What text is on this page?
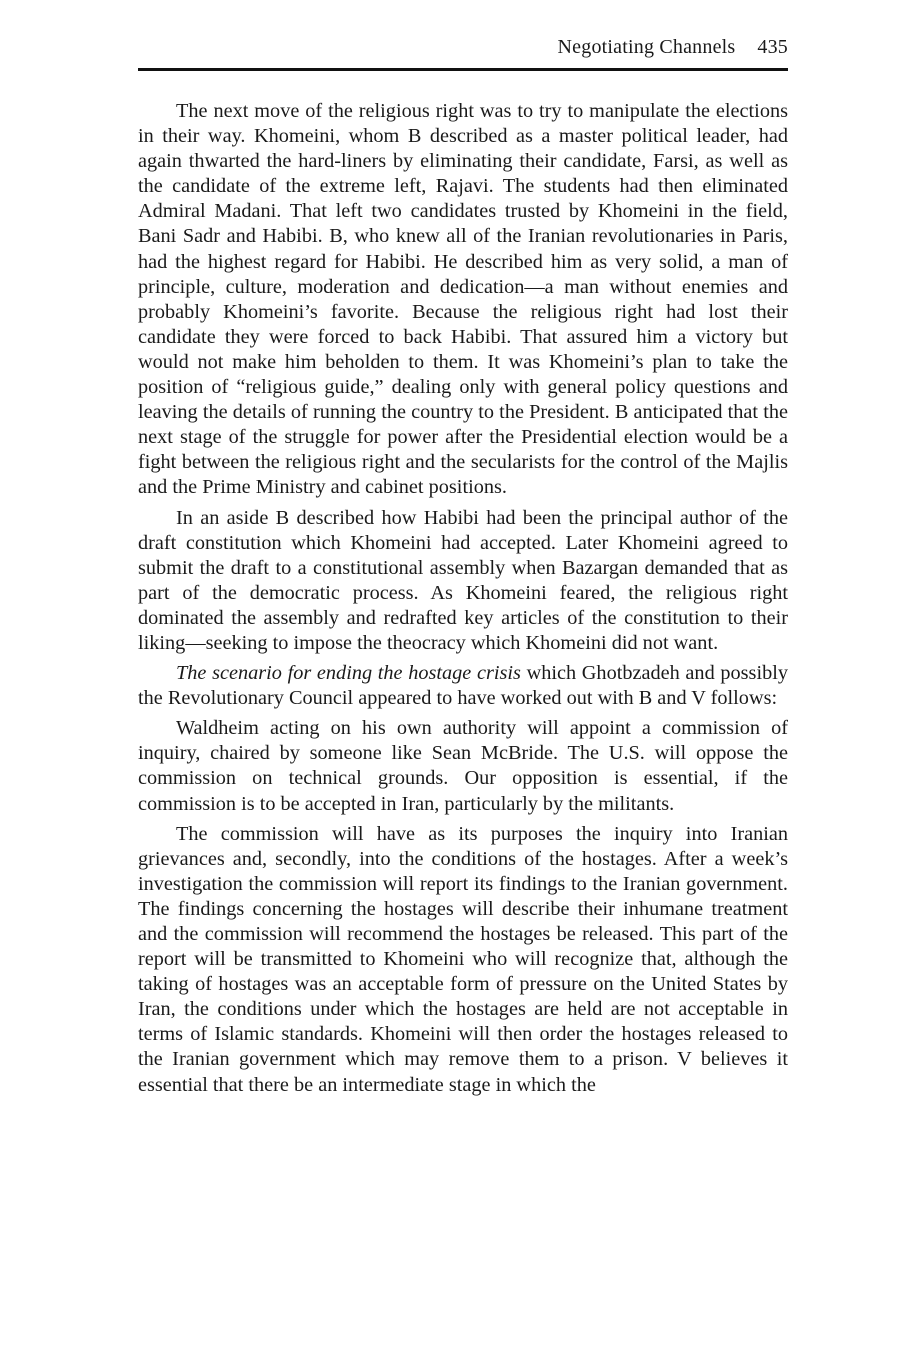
Negotiating Channels 435

The next move of the religious right was to try to manipulate the elections in their way. Khomeini, whom B described as a master political leader, had again thwarted the hard-liners by eliminating their candidate, Farsi, as well as the candidate of the extreme left, Rajavi. The students had then eliminated Admiral Madani. That left two candidates trusted by Khomeini in the field, Bani Sadr and Habibi. B, who knew all of the Iranian revolutionaries in Paris, had the highest regard for Habibi. He described him as very solid, a man of principle, culture, moderation and dedication—a man without enemies and probably Khomeini’s favorite. Because the religious right had lost their candidate they were forced to back Habibi. That assured him a victory but would not make him beholden to them. It was Khomeini’s plan to take the position of “religious guide,” dealing only with general policy questions and leaving the details of running the country to the President. B anticipated that the next stage of the struggle for power after the Presidential election would be a fight between the religious right and the secularists for the control of the Majlis and the Prime Ministry and cabinet positions.

In an aside B described how Habibi had been the principal author of the draft constitution which Khomeini had accepted. Later Khomeini agreed to submit the draft to a constitutional assembly when Bazargan demanded that as part of the democratic process. As Khomeini feared, the religious right dominated the assembly and redrafted key articles of the constitution to their liking—seeking to impose the theocracy which Khomeini did not want.

The scenario for ending the hostage crisis which Ghotbzadeh and possibly the Revolutionary Council appeared to have worked out with B and V follows:

Waldheim acting on his own authority will appoint a commission of inquiry, chaired by someone like Sean McBride. The U.S. will oppose the commission on technical grounds. Our opposition is essential, if the commission is to be accepted in Iran, particularly by the militants.

The commission will have as its purposes the inquiry into Iranian grievances and, secondly, into the conditions of the hostages. After a week’s investigation the commission will report its findings to the Iranian government. The findings concerning the hostages will describe their inhumane treatment and the commission will recommend the hostages be released. This part of the report will be transmitted to Khomeini who will recognize that, although the taking of hostages was an acceptable form of pressure on the United States by Iran, the conditions under which the hostages are held are not acceptable in terms of Islamic standards. Khomeini will then order the hostages released to the Iranian government which may remove them to a prison. V believes it essential that there be an intermediate stage in which the
